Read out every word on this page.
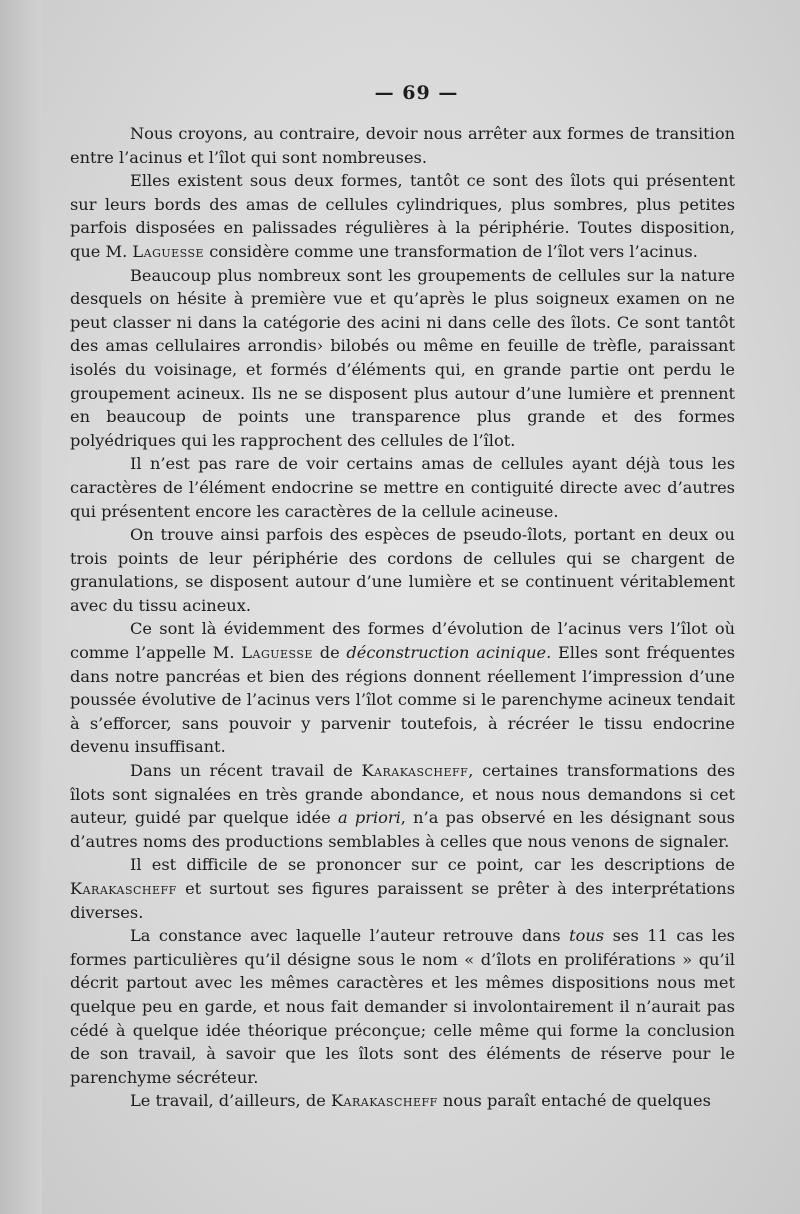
— 69 —

Nous croyons, au contraire, devoir nous arrêter aux formes de transition entre l’acinus et l’îlot qui sont nombreuses.

Elles existent sous deux formes, tantôt ce sont des îlots qui présentent sur leurs bords des amas de cellules cylindriques, plus sombres, plus petites parfois disposées en palissades régulières à la périphérie. Toutes disposition, que M. Laguesse considère comme une transformation de l’îlot vers l’acinus.

Beaucoup plus nombreux sont les groupements de cellules sur la nature desquels on hésite à première vue et qu’après le plus soigneux examen on ne peut classer ni dans la catégorie des acini ni dans celle des îlots. Ce sont tantôt des amas cellulaires arrondis› bilobés ou même en feuille de trèfle, paraissant isolés du voisinage, et formés d’éléments qui, en grande partie ont perdu le groupement acineux. Ils ne se disposent plus autour d’une lumière et prennent en beaucoup de points une transparence plus grande et des formes polyédriques qui les rapprochent des cellules de l’îlot.

Il n’est pas rare de voir certains amas de cellules ayant déjà tous les caractères de l’élément endocrine se mettre en contiguité directe avec d’autres qui présentent encore les caractères de la cellule acineuse.

On trouve ainsi parfois des espèces de pseudo-îlots, portant en deux ou trois points de leur périphérie des cordons de cellules qui se chargent de granulations, se disposent autour d’une lumière et se continuent véritablement avec du tissu acineux.

Ce sont là évidemment des formes d’évolution de l’acinus vers l’îlot où comme l’appelle M. Laguesse de déconstruction acinique. Elles sont fréquentes dans notre pancréas et bien des régions donnent réellement l’impression d’une poussée évolutive de l’acinus vers l’îlot comme si le parenchyme acineux tendait à s’efforcer, sans pouvoir y parvenir toutefois, à récréer le tissu endocrine devenu insuffisant.

Dans un récent travail de Karakascheff, certaines transformations des îlots sont signalées en très grande abondance, et nous nous demandons si cet auteur, guidé par quelque idée a priori, n’a pas observé en les désignant sous d’autres noms des productions semblables à celles que nous venons de signaler.

Il est difficile de se prononcer sur ce point, car les descriptions de Karakascheff et surtout ses figures paraissent se prêter à des interprétations diverses.

La constance avec laquelle l’auteur retrouve dans tous ses 11 cas les formes particulières qu’il désigne sous le nom « d’îlots en proliférations » qu’il décrit partout avec les mêmes caractères et les mêmes dispositions nous met quelque peu en garde, et nous fait demander si involontairement il n’aurait pas cédé à quelque idée théorique préconçue; celle même qui forme la conclusion de son travail, à savoir que les îlots sont des éléments de réserve pour le parenchyme sécréteur.

Le travail, d’ailleurs, de Karakascheff nous paraît entaché de quelques
